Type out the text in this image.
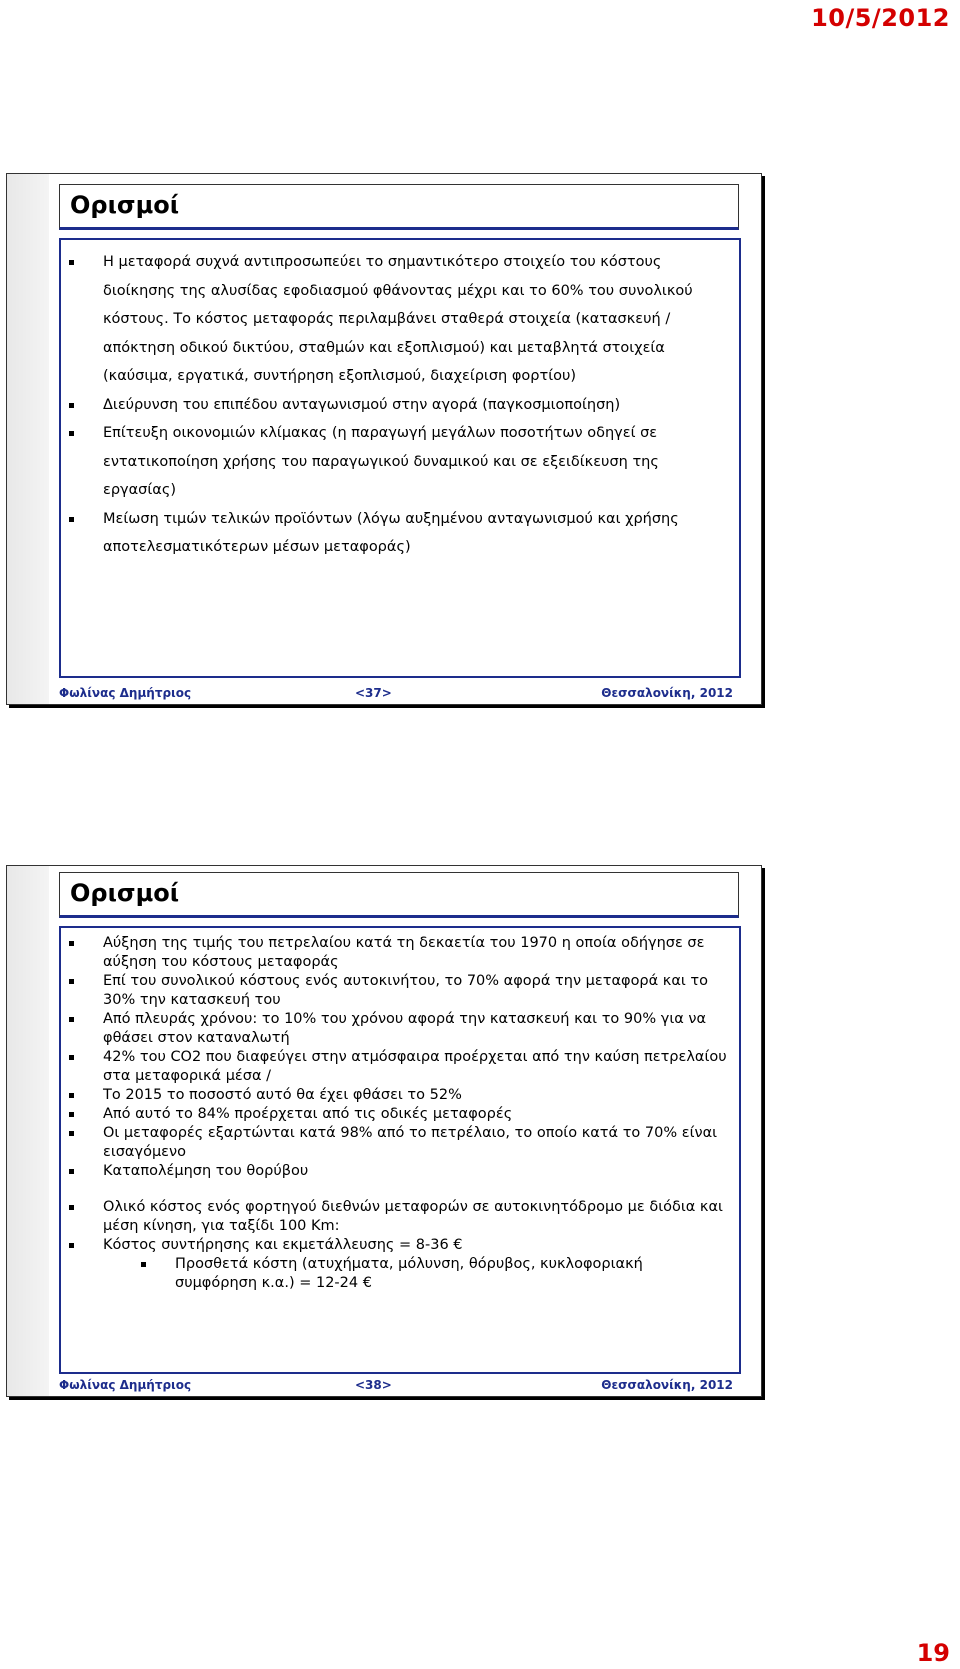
10/5/2012
Ορισμοί
Η μεταφορά συχνά αντιπροσωπεύει το σημαντικότερο στοιχείο του κόστους διοίκησης της αλυσίδας εφοδιασμού φθάνοντας μέχρι και το 60% του συνολικού κόστους. Το κόστος μεταφοράς περιλαμβάνει σταθερά στοιχεία (κατασκευή / απόκτηση οδικού δικτύου, σταθμών και εξοπλισμού) και μεταβλητά στοιχεία (καύσιμα, εργατικά, συντήρηση εξοπλισμού, διαχείριση φορτίου)
Διεύρυνση του επιπέδου ανταγωνισμού στην αγορά (παγκοσμιοποίηση)
Επίτευξη οικονομιών κλίμακας (η παραγωγή μεγάλων ποσοτήτων οδηγεί σε εντατικοποίηση χρήσης του παραγωγικού δυναμικού και σε εξειδίκευση της εργασίας)
Μείωση τιμών τελικών προϊόντων (λόγω αυξημένου ανταγωνισμού και χρήσης αποτελεσματικότερων μέσων μεταφοράς)
Φωλίνας Δημήτριος	<37>	Θεσσαλονίκη, 2012
Ορισμοί
Αύξηση της τιμής του πετρελαίου κατά τη δεκαετία του 1970 η οποία οδήγησε σε αύξηση του κόστους μεταφοράς
Επί του συνολικού κόστους ενός αυτοκινήτου, το 70% αφορά την μεταφορά και το 30% την κατασκευή του
Από πλευράς χρόνου: το 10% του χρόνου αφορά την κατασκευή και το 90% για να φθάσει στον καταναλωτή
42% του CO2 που διαφεύγει στην ατμόσφαιρα προέρχεται από την καύση πετρελαίου στα μεταφορικά μέσα /
Το 2015 το ποσοστό αυτό θα έχει φθάσει το 52%
Από αυτό το 84% προέρχεται από τις οδικές μεταφορές
Οι μεταφορές εξαρτώνται κατά 98% από το πετρέλαιο, το οποίο κατά το 70% είναι εισαγόμενο
Καταπολέμηση του θορύβου
Ολικό κόστος ενός φορτηγού διεθνών μεταφορών σε αυτοκινητόδρομο με διόδια και μέση κίνηση, για ταξίδι 100 Km:
Κόστος συντήρησης και εκμετάλλευσης = 8-36 €
Προσθετά κόστη (ατυχήματα, μόλυνση, θόρυβος, κυκλοφοριακή συμφόρηση κ.α.) = 12-24 €
Φωλίνας Δημήτριος	<38>	Θεσσαλονίκη, 2012
19
